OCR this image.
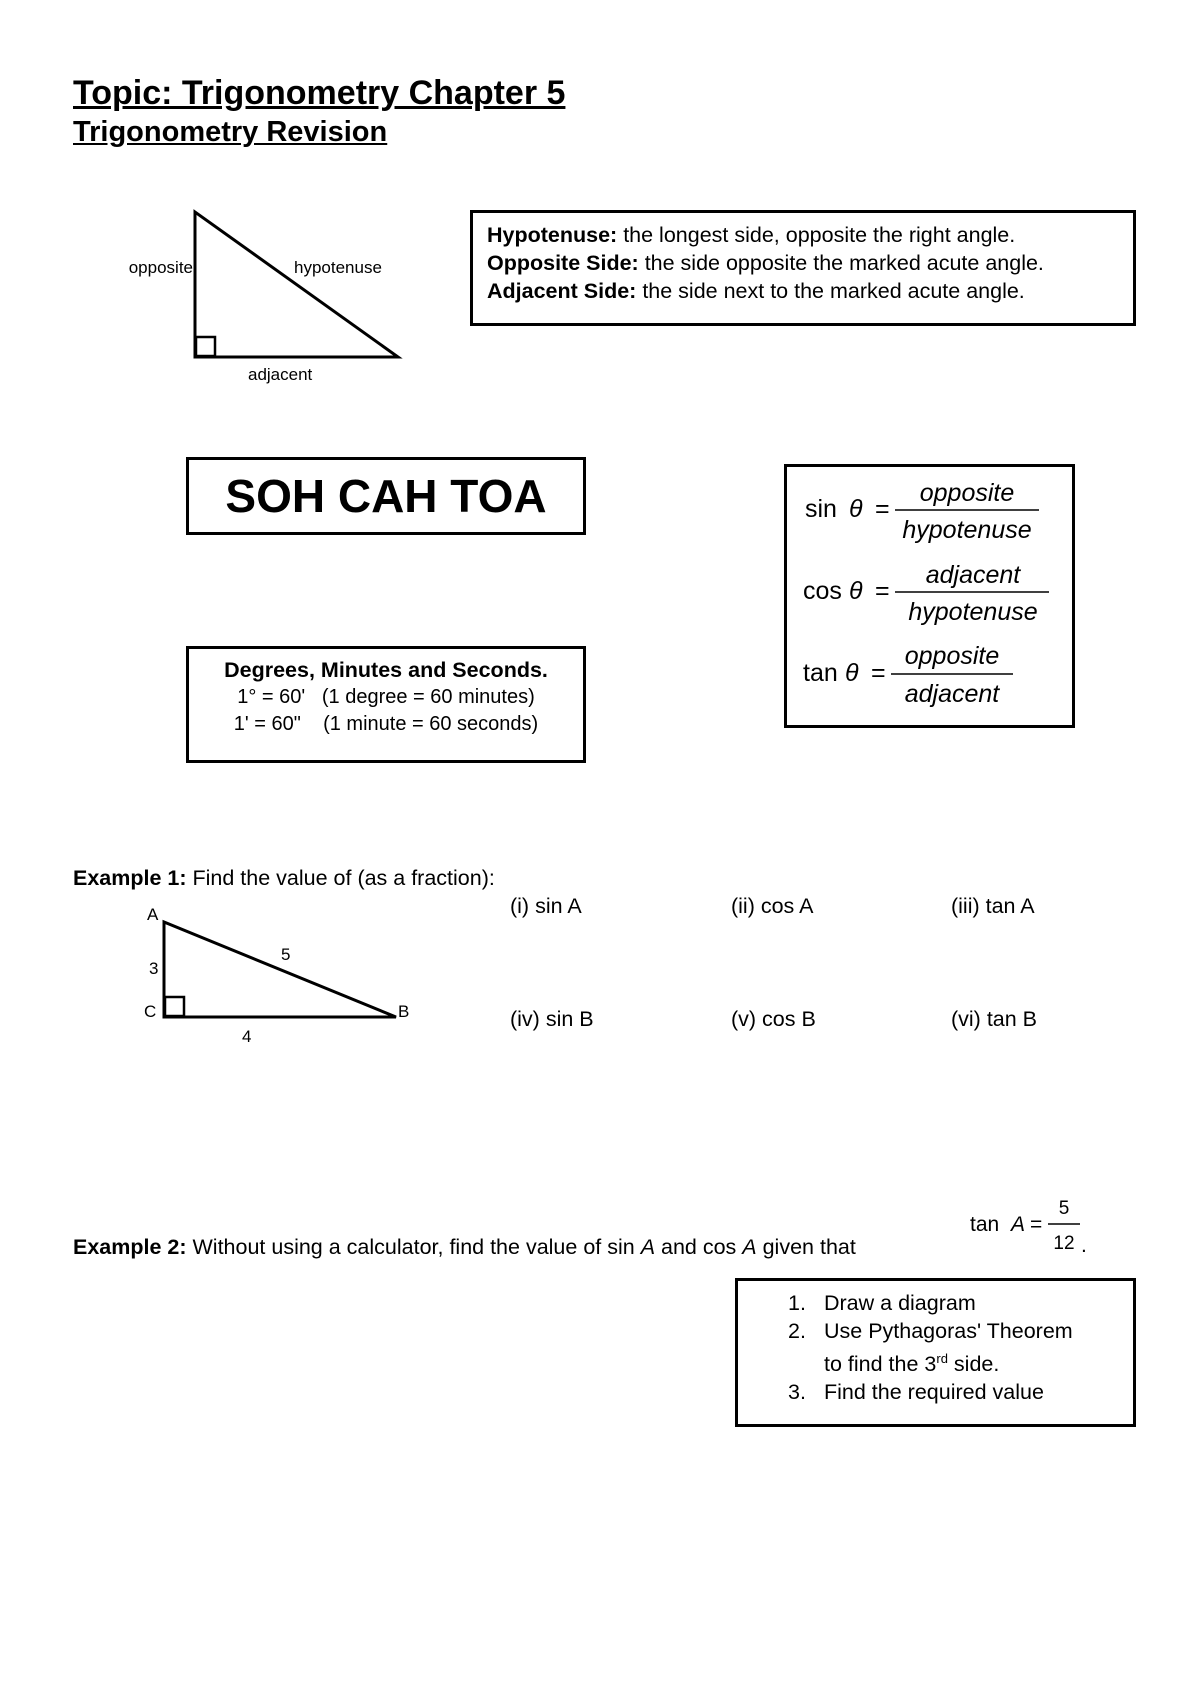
Topic: Trigonometry Chapter 5
Trigonometry Revision
opposite	hypotenuse
adjacent
Hypotenuse: the longest side, opposite the right angle.
Opposite Side: the side opposite the marked acute angle.
Adjacent Side: the side next to the marked acute angle.
SOH CAH TOA
Degrees, Minutes and Seconds.
1° = 60'   (1 degree = 60 minutes)
1' = 60"    (1 minute = 60 seconds)
sin θ =
opposite
hypotenuse
cos θ =
adjacent
hypotenuse
tan θ =
opposite
adjacent
Example 1: Find the value of (as a fraction):
A
C	B
3
5
4
(i) sin A	(ii) cos A	(iii) tan A
(iv) sin B	(v) cos B	(vi) tan B
Example 2: Without using a calculator, find the value of sin A and cos A given that
tan A =
5
12 .
1. Draw a diagram
2. Use Pythagoras' Theorem
to find the 3rd side.
3. Find the required value
